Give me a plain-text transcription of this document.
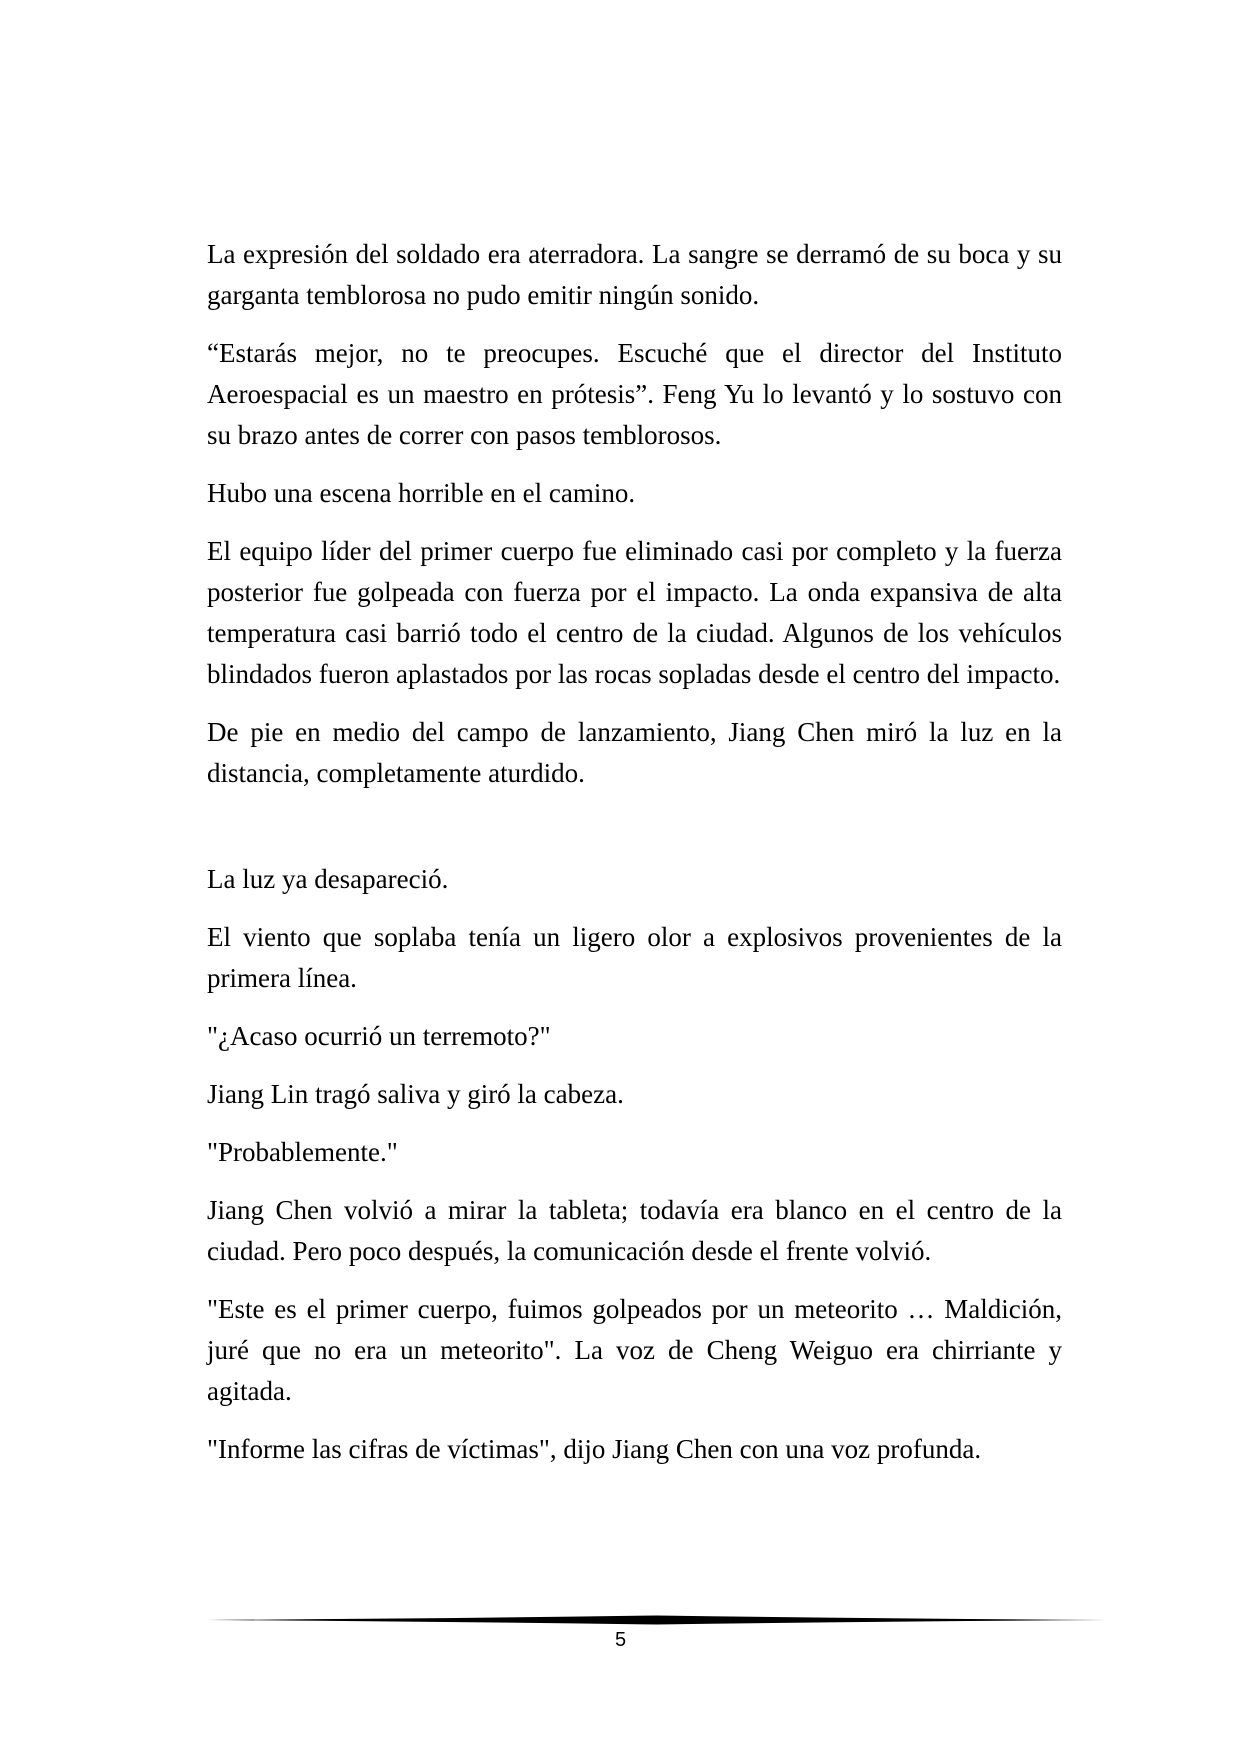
La expresión del soldado era aterradora. La sangre se derramó de su boca y su garganta temblorosa no pudo emitir ningún sonido.

“Estarás mejor, no te preocupes. Escuché que el director del Instituto Aeroespacial es un maestro en prótesis”. Feng Yu lo levantó y lo sostuvo con su brazo antes de correr con pasos temblorosos.

Hubo una escena horrible en el camino.

El equipo líder del primer cuerpo fue eliminado casi por completo y la fuerza posterior fue golpeada con fuerza por el impacto. La onda expansiva de alta temperatura casi barrió todo el centro de la ciudad. Algunos de los vehículos blindados fueron aplastados por las rocas sopladas desde el centro del impacto.

De pie en medio del campo de lanzamiento, Jiang Chen miró la luz en la distancia, completamente aturdido.

La luz ya desapareció.

El viento que soplaba tenía un ligero olor a explosivos provenientes de la primera línea.

"¿Acaso ocurrió un terremoto?"

Jiang Lin tragó saliva y giró la cabeza.

"Probablemente."

Jiang Chen volvió a mirar la tableta; todavía era blanco en el centro de la ciudad. Pero poco después, la comunicación desde el frente volvió.

"Este es el primer cuerpo, fuimos golpeados por un meteorito … Maldición, juré que no era un meteorito". La voz de Cheng Weiguo era chirriante y agitada.

"Informe las cifras de víctimas", dijo Jiang Chen con una voz profunda.

5
